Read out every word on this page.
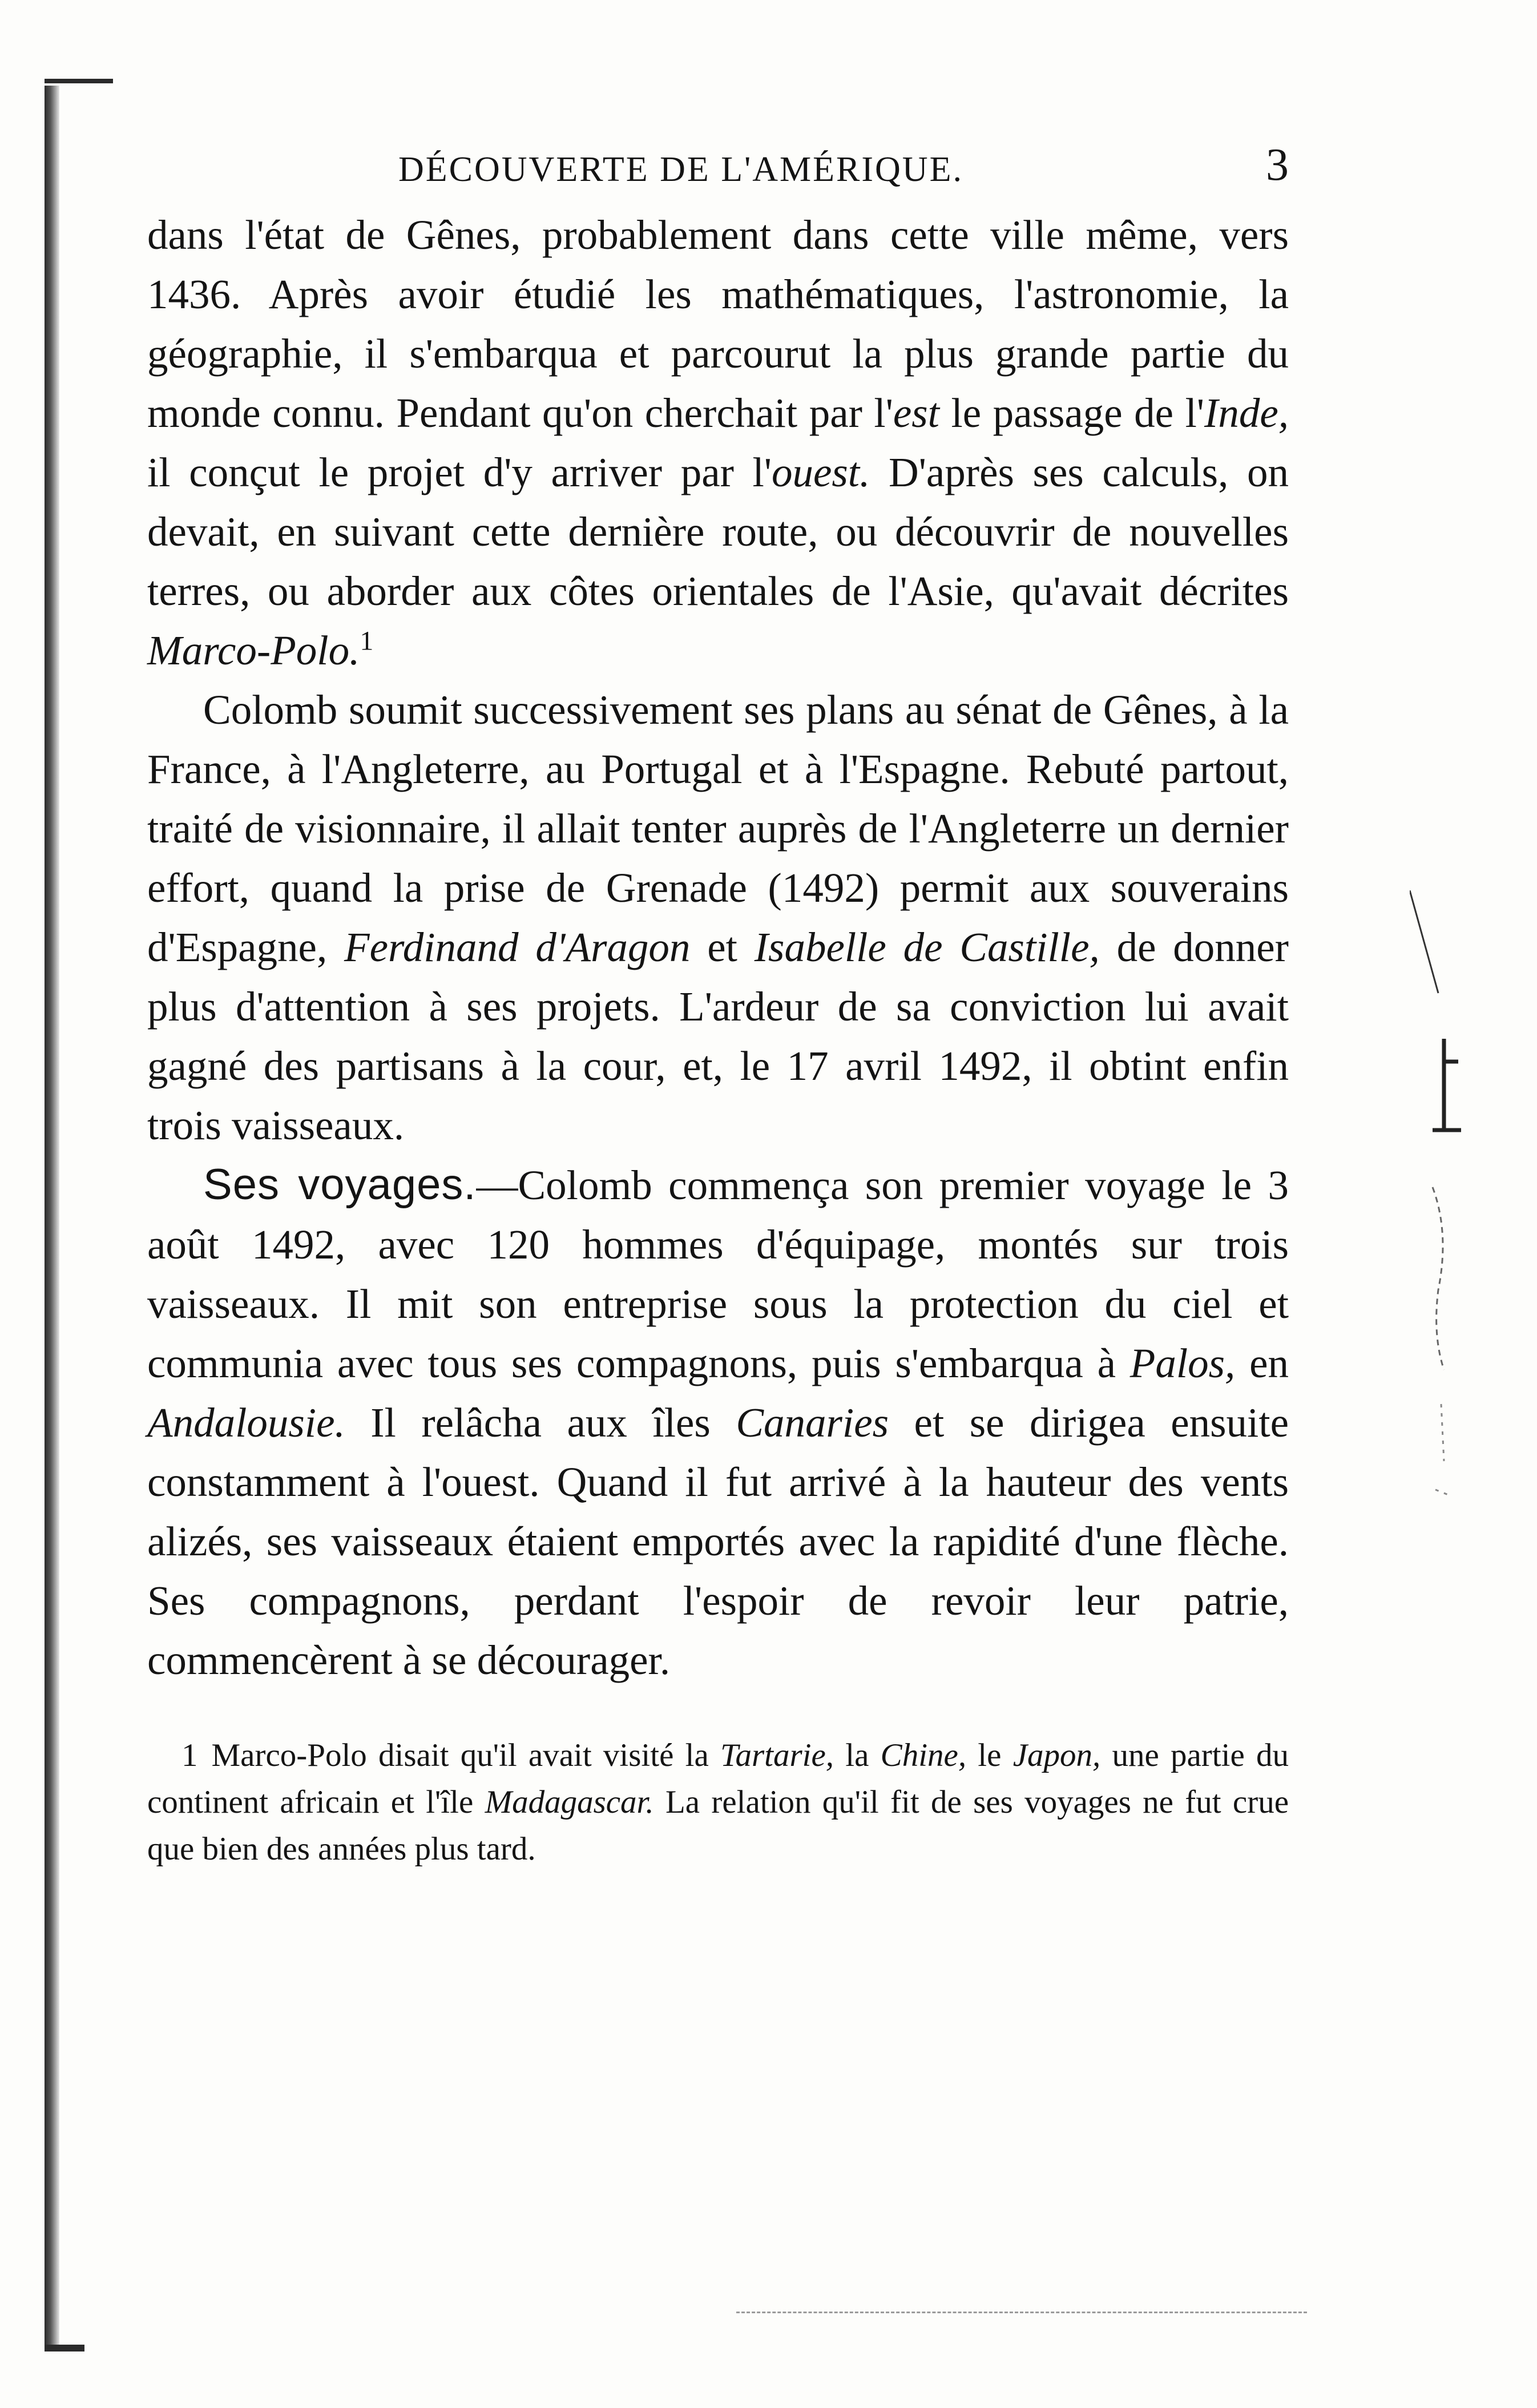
DÉCOUVERTE DE L'AMÉRIQUE.	3

dans l'état de Gênes, probablement dans cette ville même, vers 1436. Après avoir étudié les mathématiques, l'astronomie, la géographie, il s'embarqua et parcourut la plus grande partie du monde connu. Pendant qu'on cherchait par l'est le passage de l'Inde, il conçut le projet d'y arriver par l'ouest. D'après ses calculs, on devait, en suivant cette dernière route, ou découvrir de nouvelles terres, ou aborder aux côtes orientales de l'Asie, qu'avait décrites Marco-Polo.$^1$

Colomb soumit successivement ses plans au sénat de Gênes, à la France, à l'Angleterre, au Portugal et à l'Espagne. Rebuté partout, traité de visionnaire, il allait tenter auprès de l'Angleterre un dernier effort, quand la prise de Grenade (1492) permit aux souverains d'Espagne, Ferdinand d'Aragon et Isabelle de Castille, de donner plus d'attention à ses projets. L'ardeur de sa conviction lui avait gagné des partisans à la cour, et, le 17 avril 1492, il obtint enfin trois vaisseaux.

Ses voyages.—Colomb commença son premier voyage le 3 août 1492, avec 120 hommes d'équipage, montés sur trois vaisseaux. Il mit son entreprise sous la protection du ciel et communia avec tous ses compagnons, puis s'embarqua à Palos, en Andalousie. Il relâcha aux îles Canaries et se dirigea ensuite constamment à l'ouest. Quand il fut arrivé à la hauteur des vents alizés, ses vaisseaux étaient emportés avec la rapidité d'une flèche. Ses compagnons, perdant l'espoir de revoir leur patrie, commencèrent à se décourager.

1 Marco-Polo disait qu'il avait visité la Tartarie, la Chine, le Japon, une partie du continent africain et l'île Madagascar. La relation qu'il fit de ses voyages ne fut crue que bien des années plus tard.
